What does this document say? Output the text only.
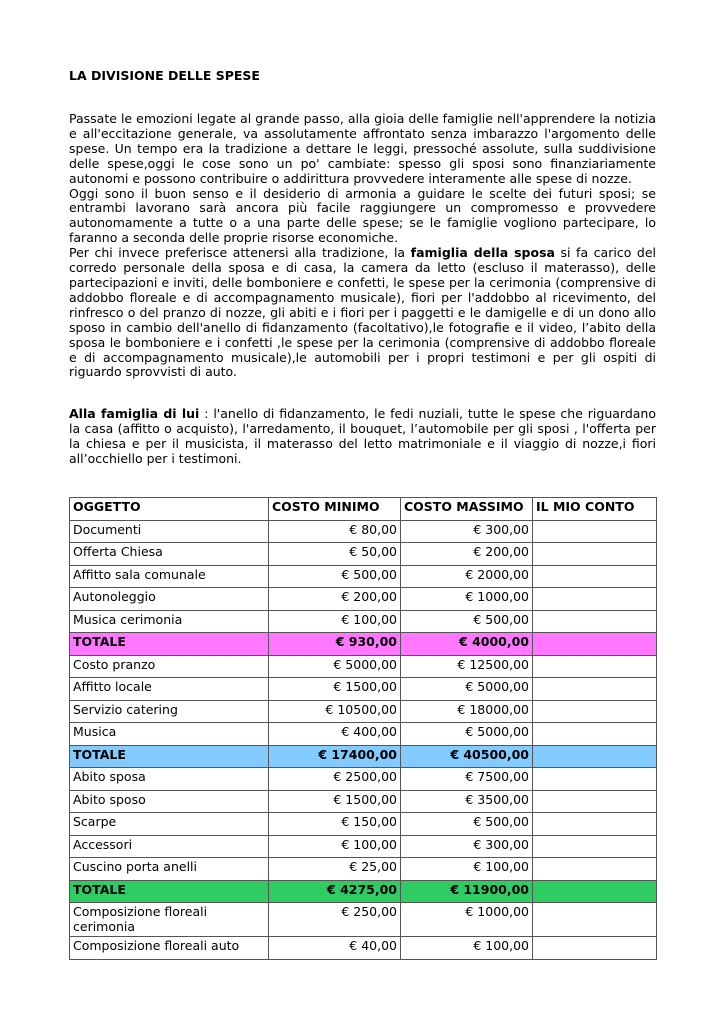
LA DIVISIONE DELLE SPESE

Passate le emozioni legate al grande passo, alla gioia delle famiglie nell'apprendere la notizia e all'eccitazione generale, va assolutamente affrontato senza imbarazzo l'argomento delle spese. Un tempo era la tradizione a dettare le leggi, pressoché assolute, sulla suddivisione delle spese,oggi le cose sono un po' cambiate: spesso gli sposi sono finanziariamente autonomi e possono contribuire o addirittura provvedere interamente alle spese di nozze.

Oggi sono il buon senso e il desiderio di armonia a guidare le scelte dei futuri sposi; se entrambi lavorano sarà ancora più facile raggiungere un compromesso e provvedere autonomamente a tutte o a una parte delle spese; se le famiglie vogliono partecipare, lo faranno a seconda delle proprie risorse economiche.

Per chi invece preferisce attenersi alla tradizione, la famiglia della sposa si fa carico del corredo personale della sposa e di casa, la camera da letto (escluso il materasso), delle partecipazioni e inviti, delle bomboniere e confetti, le spese per la cerimonia (comprensive di addobbo floreale e di accompagnamento musicale), fiori per l'addobbo al ricevimento, del rinfresco o del pranzo di nozze, gli abiti e i fiori per i paggetti e le damigelle e di un dono allo sposo in cambio dell'anello di fidanzamento (facoltativo),le fotografie e il video, l’abito della sposa le bomboniere e i confetti ,le spese per la cerimonia (comprensive di addobbo floreale e di accompagnamento musicale),le automobili per i propri testimoni e per gli ospiti di riguardo sprovvisti di auto.

Alla famiglia di lui : l'anello di fidanzamento, le fedi nuziali, tutte le spese che riguardano la casa (affitto o acquisto), l'arredamento, il bouquet, l’automobile per gli sposi , l'offerta per la chiesa e per il musicista, il materasso del letto matrimoniale e il viaggio di nozze,i fiori all’occhiello per i testimoni.

OGGETTO	COSTO MINIMO	COSTO MASSIMO	IL MIO CONTO
Documenti	€ 80,00	€ 300,00	
Offerta Chiesa	€ 50,00	€ 200,00	
Affitto sala comunale	€ 500,00	€ 2000,00	
Autonoleggio	€ 200,00	€ 1000,00	
Musica cerimonia	€ 100,00	€ 500,00	
TOTALE	€ 930,00	€ 4000,00	
Costo pranzo	€ 5000,00	€ 12500,00	
Affitto locale	€ 1500,00	€ 5000,00	
Servizio catering	€ 10500,00	€ 18000,00	
Musica	€ 400,00	€ 5000,00	
TOTALE	€ 17400,00	€ 40500,00	
Abito sposa	€ 2500,00	€ 7500,00	
Abito sposo	€ 1500,00	€ 3500,00	
Scarpe	€ 150,00	€ 500,00	
Accessori	€ 100,00	€ 300,00	
Cuscino porta anelli	€ 25,00	€ 100,00	
TOTALE	€ 4275,00	€ 11900,00	
Composizione floreali cerimonia	€ 250,00	€ 1000,00	
Composizione floreali auto	€ 40,00	€ 100,00	
